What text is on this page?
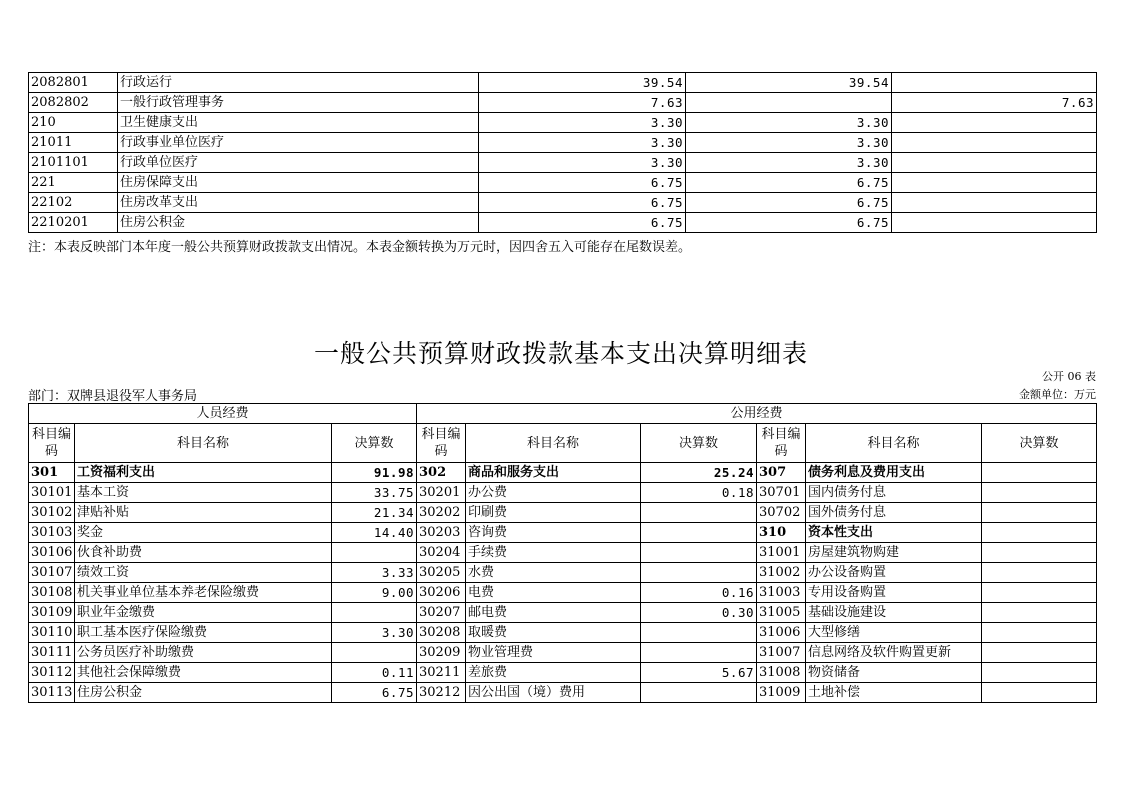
2082801	行政运行	39.54	39.54	
2082802	一般行政管理事务	7.63		7.63
210	卫生健康支出	3.30	3.30	
21011	行政事业单位医疗	3.30	3.30	
2101101	行政单位医疗	3.30	3.30	
221	住房保障支出	6.75	6.75	
22102	住房改革支出	6.75	6.75	
2210201	住房公积金	6.75	6.75	
注：本表反映部门本年度一般公共预算财政拨款支出情况。本表金额转换为万元时，因四舍五入可能存在尾数误差。
一般公共预算财政拨款基本支出决算明细表
公开 06 表
部门：双牌县退役军人事务局	金额单位：万元
人员经费			公用经费					
科目编码	科目名称	决算数	科目编码	科目名称	决算数	科目编码	科目名称	决算数
301	工资福利支出	91.98	302	商品和服务支出	25.24	307	债务利息及费用支出	
30101	基本工资	33.75	30201	办公费	0.18	30701	国内债务付息	
30102	津贴补贴	21.34	30202	印刷费		30702	国外债务付息	
30103	奖金	14.40	30203	咨询费		310	资本性支出	
30106	伙食补助费		30204	手续费		31001	房屋建筑物购建	
30107	绩效工资	3.33	30205	水费		31002	办公设备购置	
30108	机关事业单位基本养老保险缴费	9.00	30206	电费	0.16	31003	专用设备购置	
30109	职业年金缴费		30207	邮电费	0.30	31005	基础设施建设	
30110	职工基本医疗保险缴费	3.30	30208	取暖费		31006	大型修缮	
30111	公务员医疗补助缴费		30209	物业管理费		31007	信息网络及软件购置更新	
30112	其他社会保障缴费	0.11	30211	差旅费	5.67	31008	物资储备	
30113	住房公积金	6.75	30212	因公出国（境）费用		31009	土地补偿	
